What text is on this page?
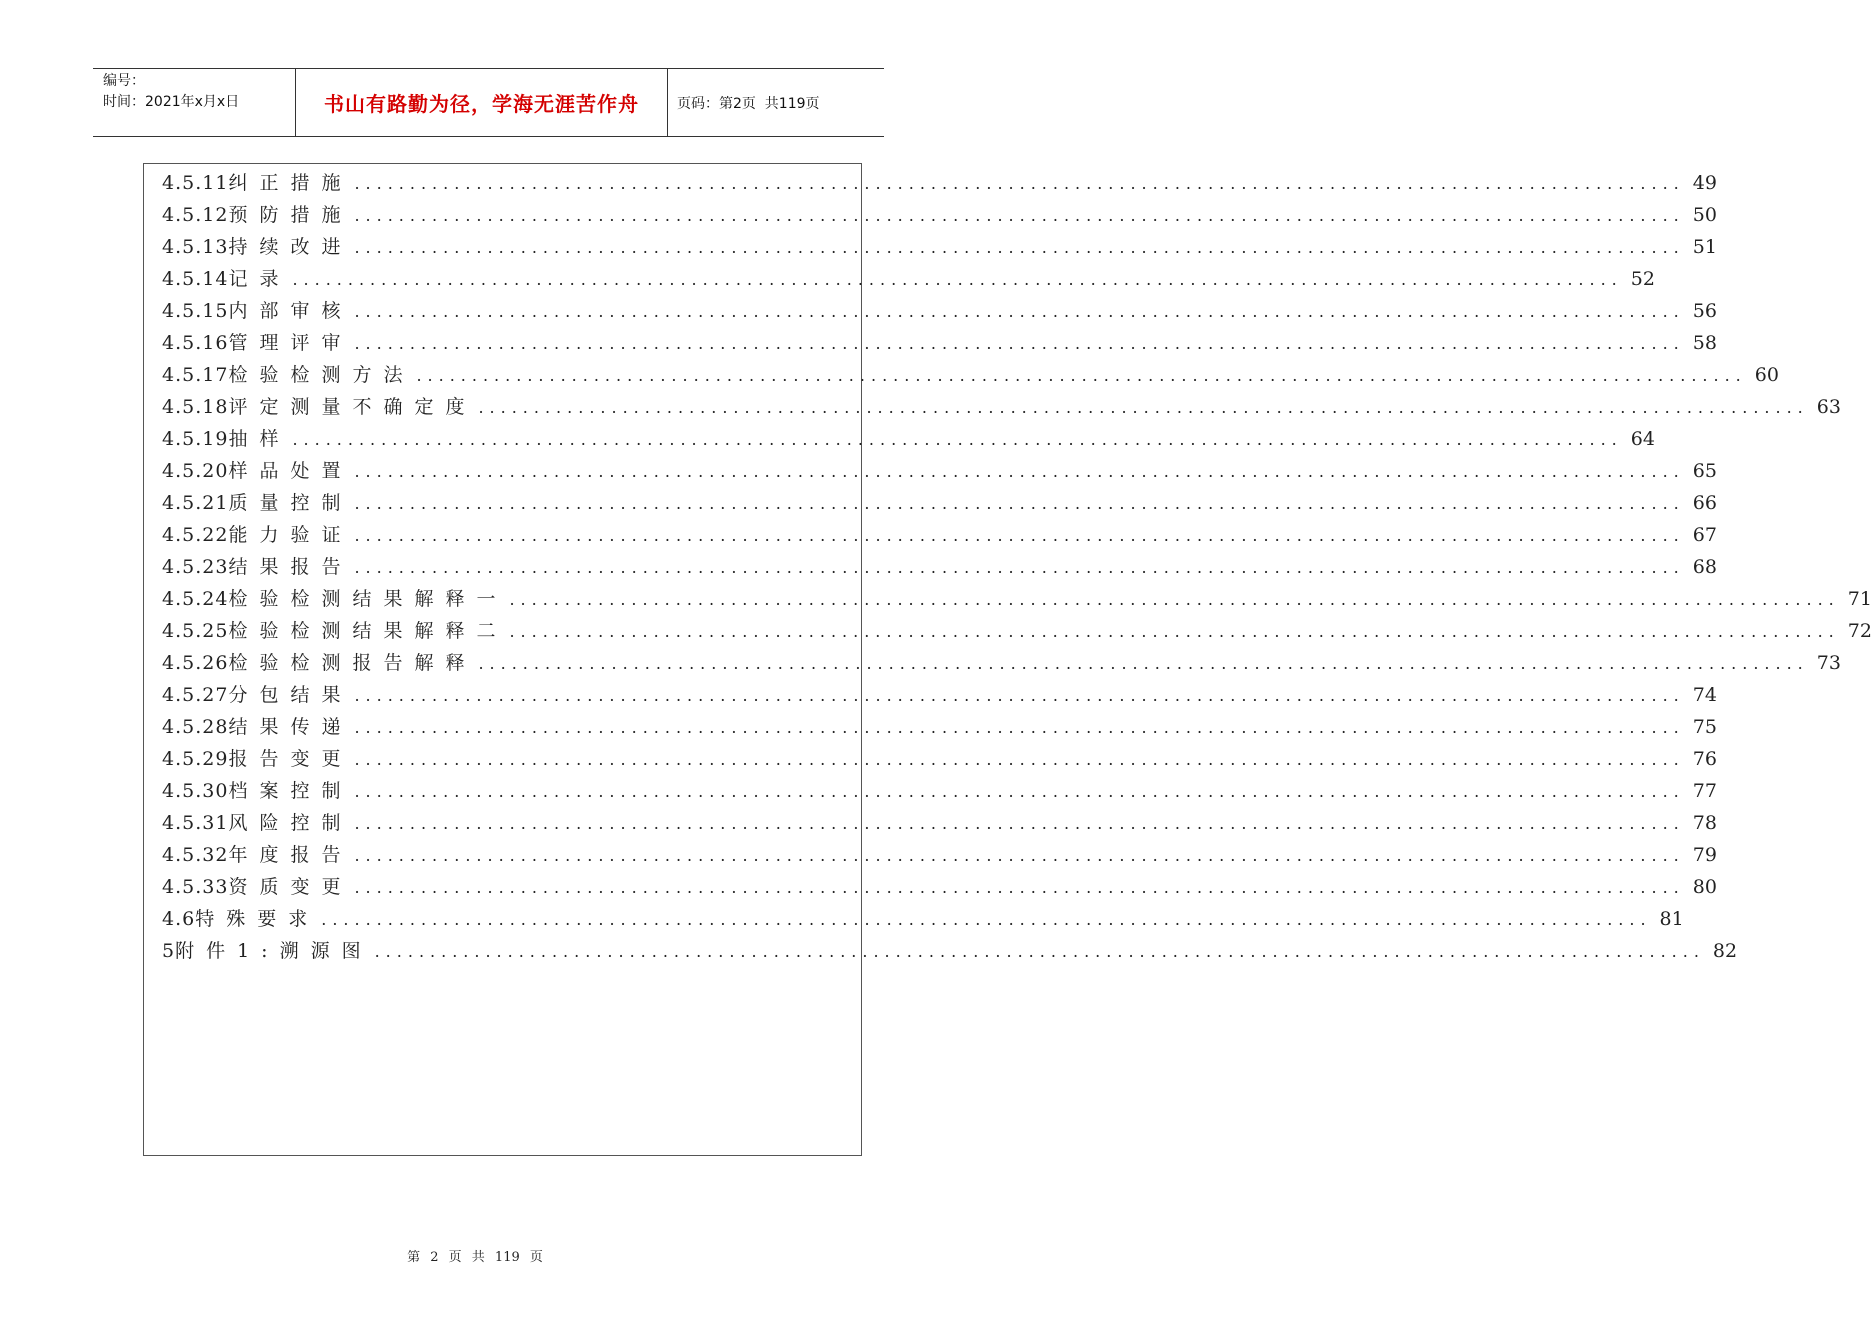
编号：
时间：2021年x月x日	书山有路勤为径，学海无涯苦作舟	页码：第2页  共119页
4.5.11 纠正措施 ........................................................................................................................ 49
4.5.12 预防措施 ........................................................................................................................ 50
4.5.13 持续改进 ........................................................................................................................ 51
4.5.14 记录 ........................................................................................................................ 52
4.5.15 内部审核 ........................................................................................................................ 56
4.5.16 管理评审 ........................................................................................................................ 58
4.5.17 检验检测方法 ........................................................................................................................ 60
4.5.18 评定测量不确定度 ........................................................................................................................ 63
4.5.19 抽样 ........................................................................................................................ 64
4.5.20 样品处置 ........................................................................................................................ 65
4.5.21 质量控制 ........................................................................................................................ 66
4.5.22 能力验证 ........................................................................................................................ 67
4.5.23 结果报告 ........................................................................................................................ 68
4.5.24 检验检测结果解释一 ........................................................................................................................ 71
4.5.25 检验检测结果解释二 ........................................................................................................................ 72
4.5.26 检验检测报告解释 ........................................................................................................................ 73
4.5.27 分包结果 ........................................................................................................................ 74
4.5.28 结果传递 ........................................................................................................................ 75
4.5.29 报告变更 ........................................................................................................................ 76
4.5.30 档案控制 ........................................................................................................................ 77
4.5.31 风险控制 ........................................................................................................................ 78
4.5.32 年度报告 ........................................................................................................................ 79
4.5.33 资质变更 ........................................................................................................................ 80
4.6 特殊要求 ........................................................................................................................ 81
5 附件1:溯源图 ........................................................................................................................ 82
第 2 页 共 119 页
